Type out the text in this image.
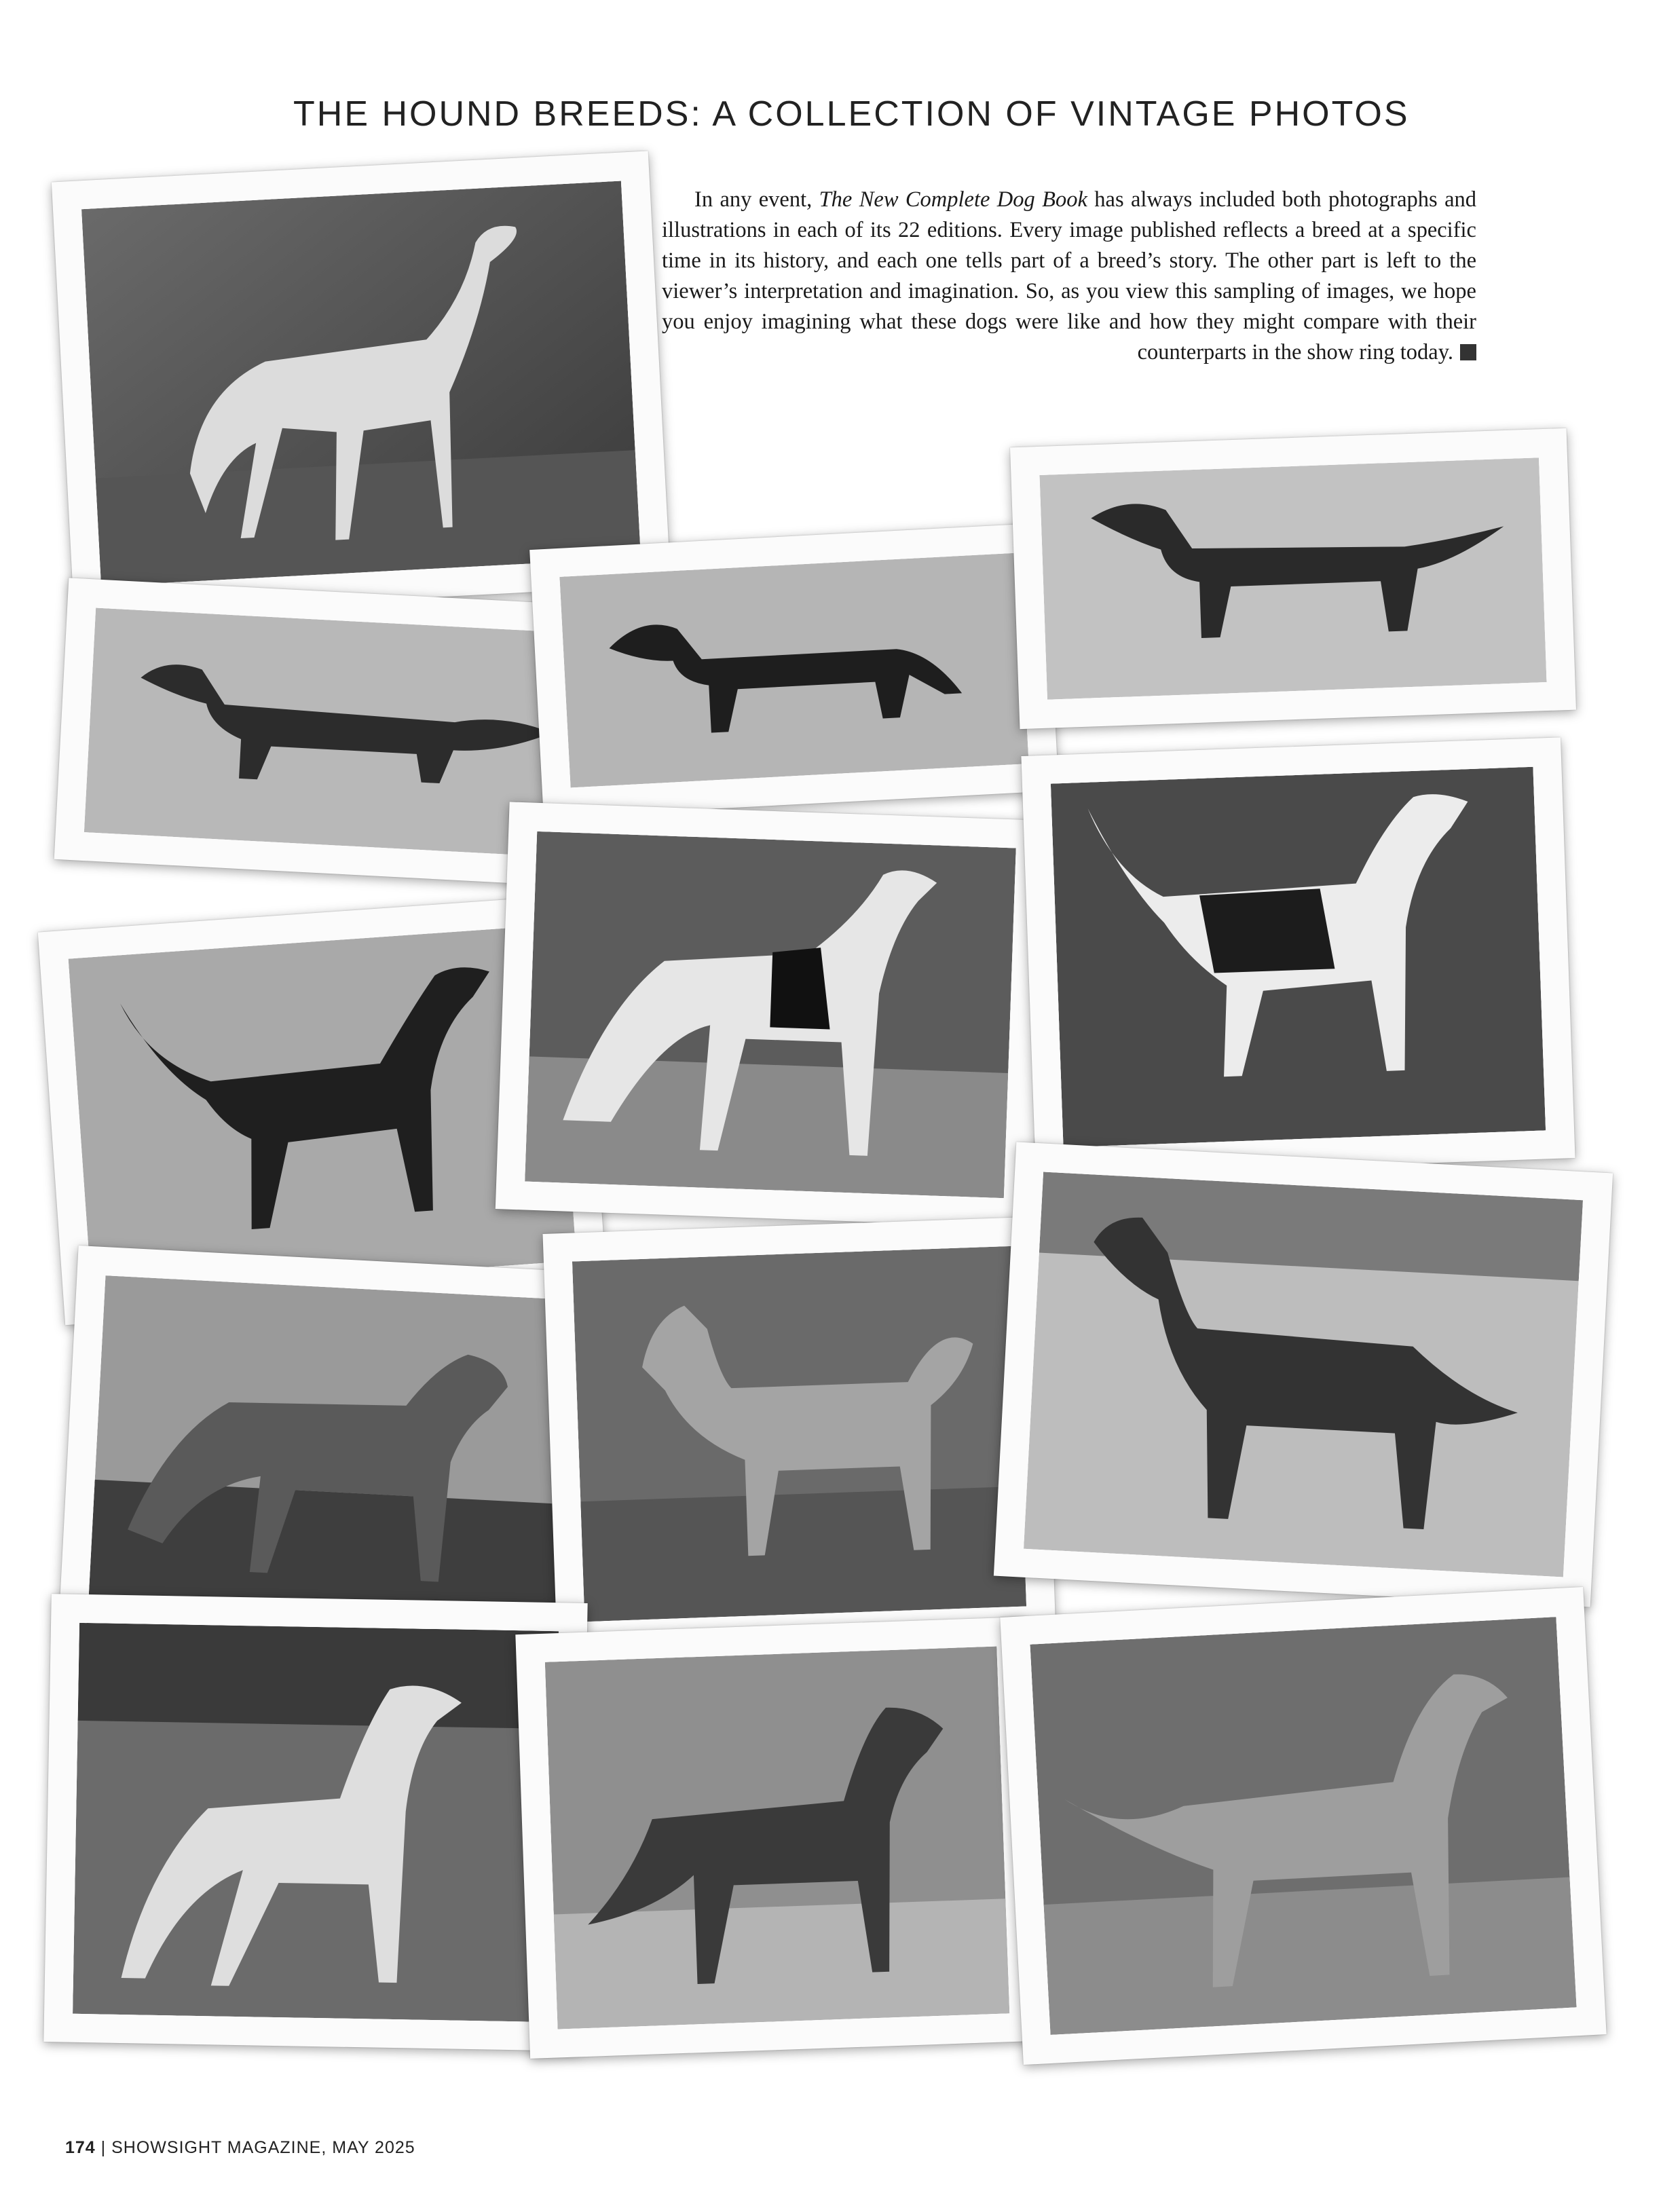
THE HOUND BREEDS: A COLLECTION OF VINTAGE PHOTOS

In any event, The New Complete Dog Book has always included both photographs and illustrations in each of its 22 editions. Every image published reflects a breed at a specific time in its history, and each one tells part of a breed’s story. The other part is left to the viewer’s interpretation and imagination. So, as you view this sampling of images, we hope you enjoy imagining what these dogs were like and how they might compare with their counterparts in the show ring today.

174 | SHOWSIGHT MAGAZINE, MAY 2025
